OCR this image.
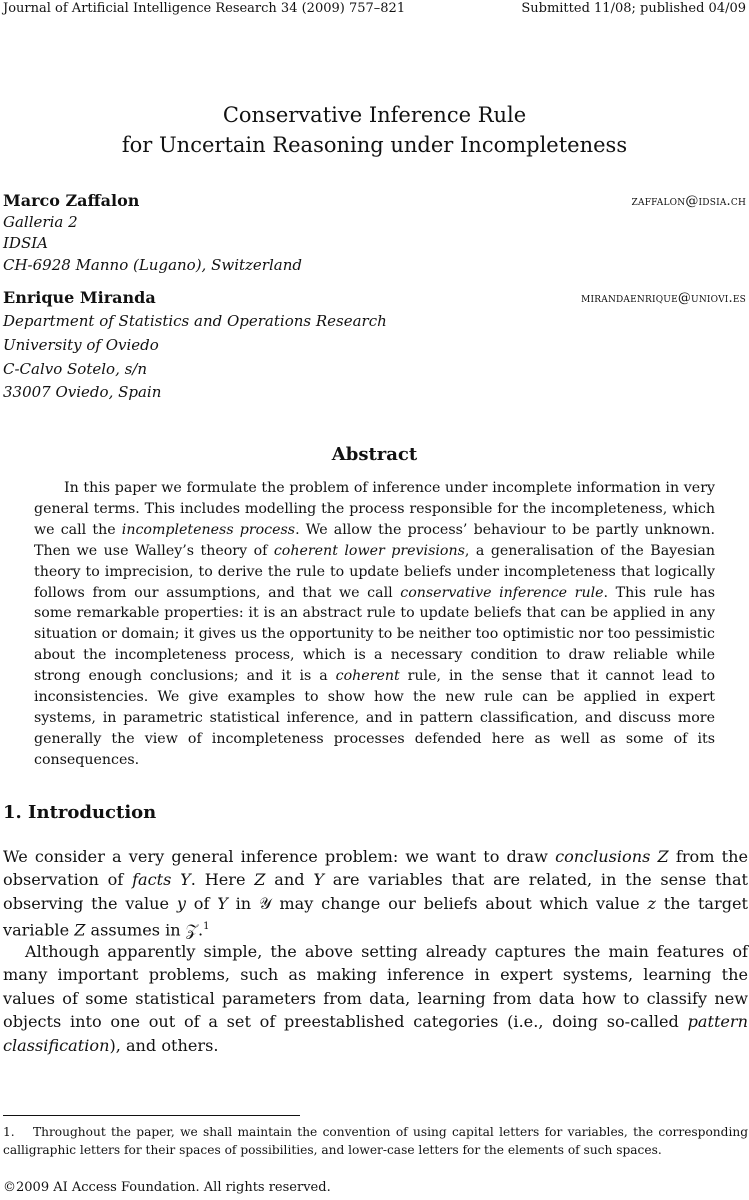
Journal of Artificial Intelligence Research 34 (2009) 757–821	Submitted 11/08; published 04/09
Conservative Inference Rule
for Uncertain Reasoning under Incompleteness
Marco Zaffalon	zaffalon@idsia.ch
Galleria 2
IDSIA
CH-6928 Manno (Lugano), Switzerland
Enrique Miranda	mirandaenrique@uniovi.es
Department of Statistics and Operations Research
University of Oviedo
C-Calvo Sotelo, s/n
33007 Oviedo, Spain
Abstract

In this paper we formulate the problem of inference under incomplete information in very general terms. This includes modelling the process responsible for the incompleteness, which we call the incompleteness process. We allow the process’ behaviour to be partly unknown. Then we use Walley’s theory of coherent lower previsions, a generalisation of the Bayesian theory to imprecision, to derive the rule to update beliefs under incompleteness that logically follows from our assumptions, and that we call conservative inference rule. This rule has some remarkable properties: it is an abstract rule to update beliefs that can be applied in any situation or domain; it gives us the opportunity to be neither too optimistic nor too pessimistic about the incompleteness process, which is a necessary condition to draw reliable while strong enough conclusions; and it is a coherent rule, in the sense that it cannot lead to inconsistencies. We give examples to show how the new rule can be applied in expert systems, in parametric statistical inference, and in pattern classification, and discuss more generally the view of incompleteness processes defended here as well as some of its consequences.

1. Introduction

We consider a very general inference problem: we want to draw conclusions Z from the observation of facts Y. Here Z and Y are variables that are related, in the sense that observing the value y of Y in 𝒴 may change our beliefs about which value z the target variable Z assumes in 𝒵.$^1$

Although apparently simple, the above setting already captures the main features of many important problems, such as making inference in expert systems, learning the values of some statistical parameters from data, learning from data how to classify new objects into one out of a set of preestablished categories (i.e., doing so-called pattern classification), and others.

1. Throughout the paper, we shall maintain the convention of using capital letters for variables, the corresponding calligraphic letters for their spaces of possibilities, and lower-case letters for the elements of such spaces.

©2009 AI Access Foundation. All rights reserved.
